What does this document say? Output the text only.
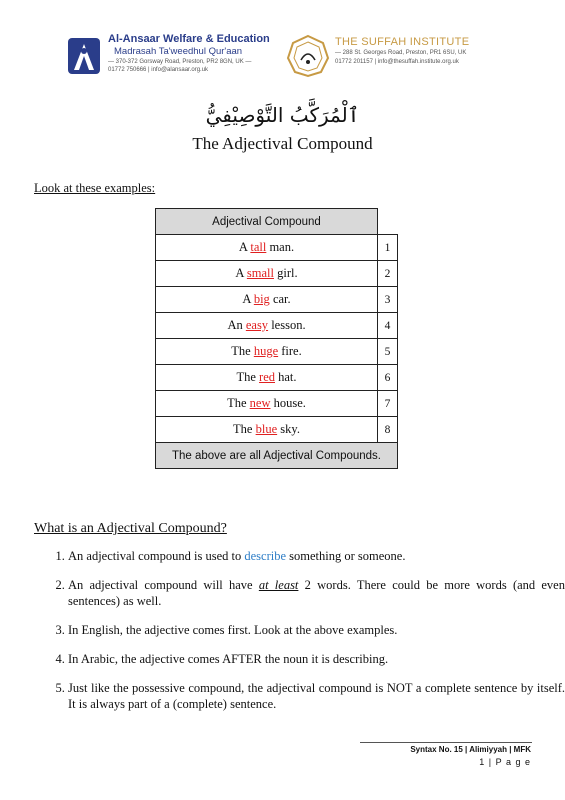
Al-Ansaar Welfare & Education
Madrasah Ta'weedhul Qur'aan
— 370-372 Gorsway Road, Preston, PR2 8GN, UK —
01772 750666 | info@alansaar.org.uk
THE SUFFAH INSTITUTE
— 288 St. Georges Road, Preston, PR1 6SU, UK
01772 201157 | info@thesuffah.institute.org.uk
ٱلْمُرَكَّبُ التَّوْصِيْفِيُّ
The Adjectival Compound
Look at these examples:
Adjectival Compound	
A tall man.	1
A small girl.	2
A big car.	3
An easy lesson.	4
The huge fire.	5
The red hat.	6
The new house.	7
The blue sky.	8
The above are all Adjectival Compounds.	
What is an Adjectival Compound?
1. An adjectival compound is used to describe something or someone.
2. An adjectival compound will have at least 2 words. There could be more words (and even sentences) as well.
3. In English, the adjective comes first. Look at the above examples.
4. In Arabic, the adjective comes AFTER the noun it is describing.
5. Just like the possessive compound, the adjectival compound is NOT a complete sentence by itself. It is always part of a (complete) sentence.
Syntax No. 15 | Alimiyyah | MFK
1 | P a g e
